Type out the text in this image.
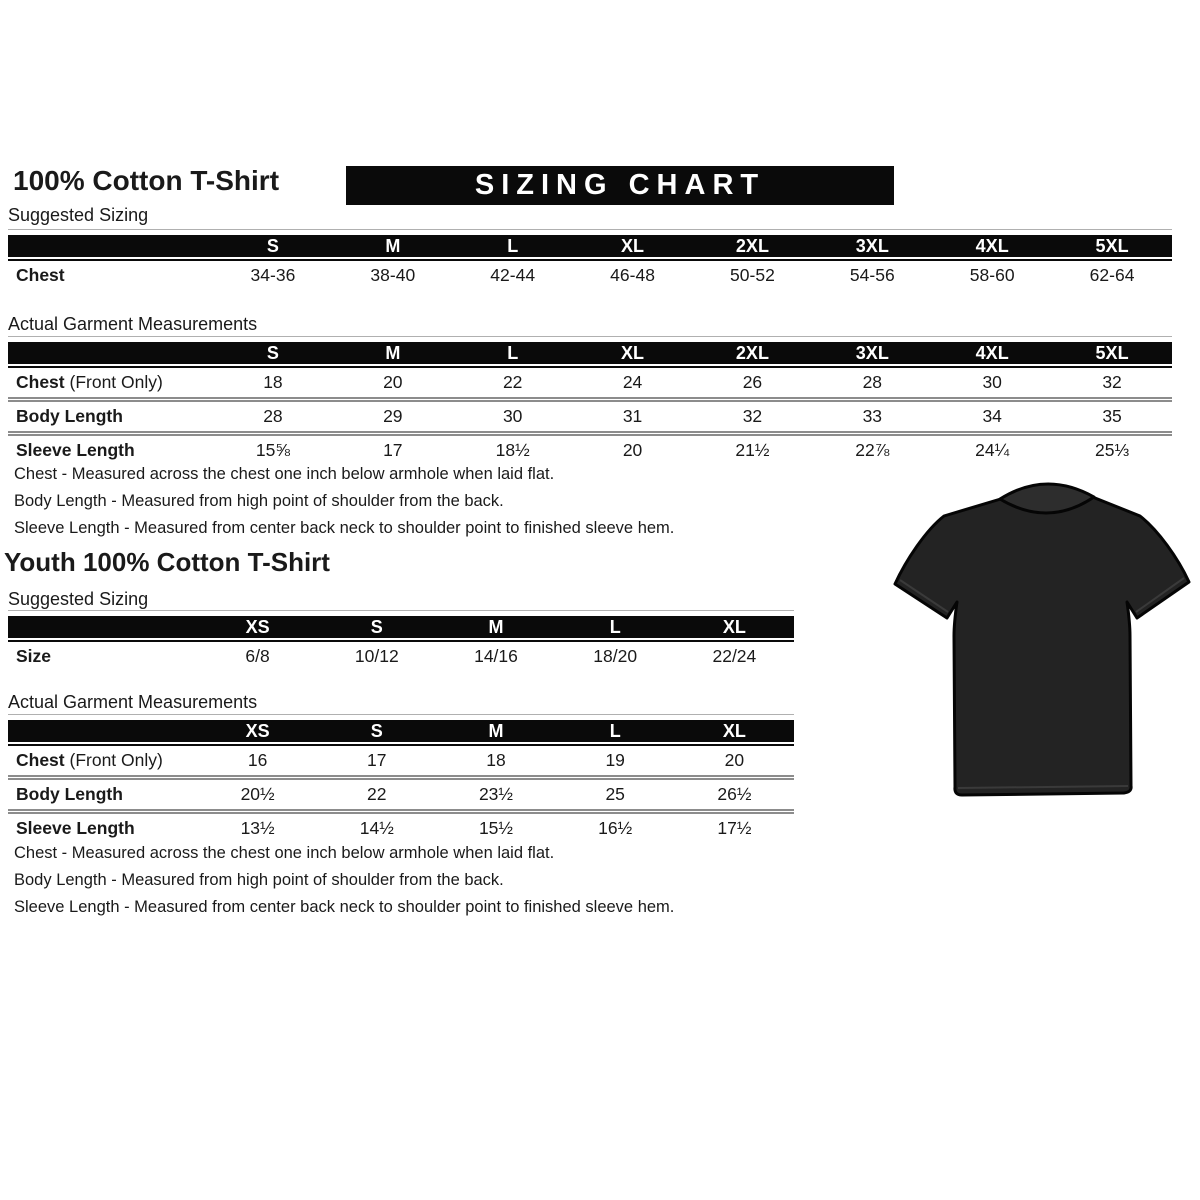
100% Cotton T-Shirt	SIZING CHART
Suggested Sizing
S	M	L	XL	2XL	3XL	4XL	5XL
Chest	34-36	38-40	42-44	46-48	50-52	54-56	58-60	62-64
Actual Garment Measurements
S	M	L	XL	2XL	3XL	4XL	5XL
Chest (Front Only)	18	20	22	24	26	28	30	32
Body Length	28	29	30	31	32	33	34	35
Sleeve Length	15⅝	17	18½	20	21½	22⅞	24¼	25⅓

Chest - Measured across the chest one inch below armhole when laid flat.

Body Length - Measured from high point of shoulder from the back.

Sleeve Length - Measured from center back neck to shoulder point to finished sleeve hem.

Youth 100% Cotton T-Shirt
Suggested Sizing
XS	S	M	L	XL
Size	6/8	10/12	14/16	18/20	22/24
Actual Garment Measurements
XS	S	M	L	XL
Chest (Front Only)	16	17	18	19	20
Body Length	20½	22	23½	25	26½
Sleeve Length	13½	14½	15½	16½	17½

Chest - Measured across the chest one inch below armhole when laid flat.

Body Length - Measured from high point of shoulder from the back.

Sleeve Length - Measured from center back neck to shoulder point to finished sleeve hem.
